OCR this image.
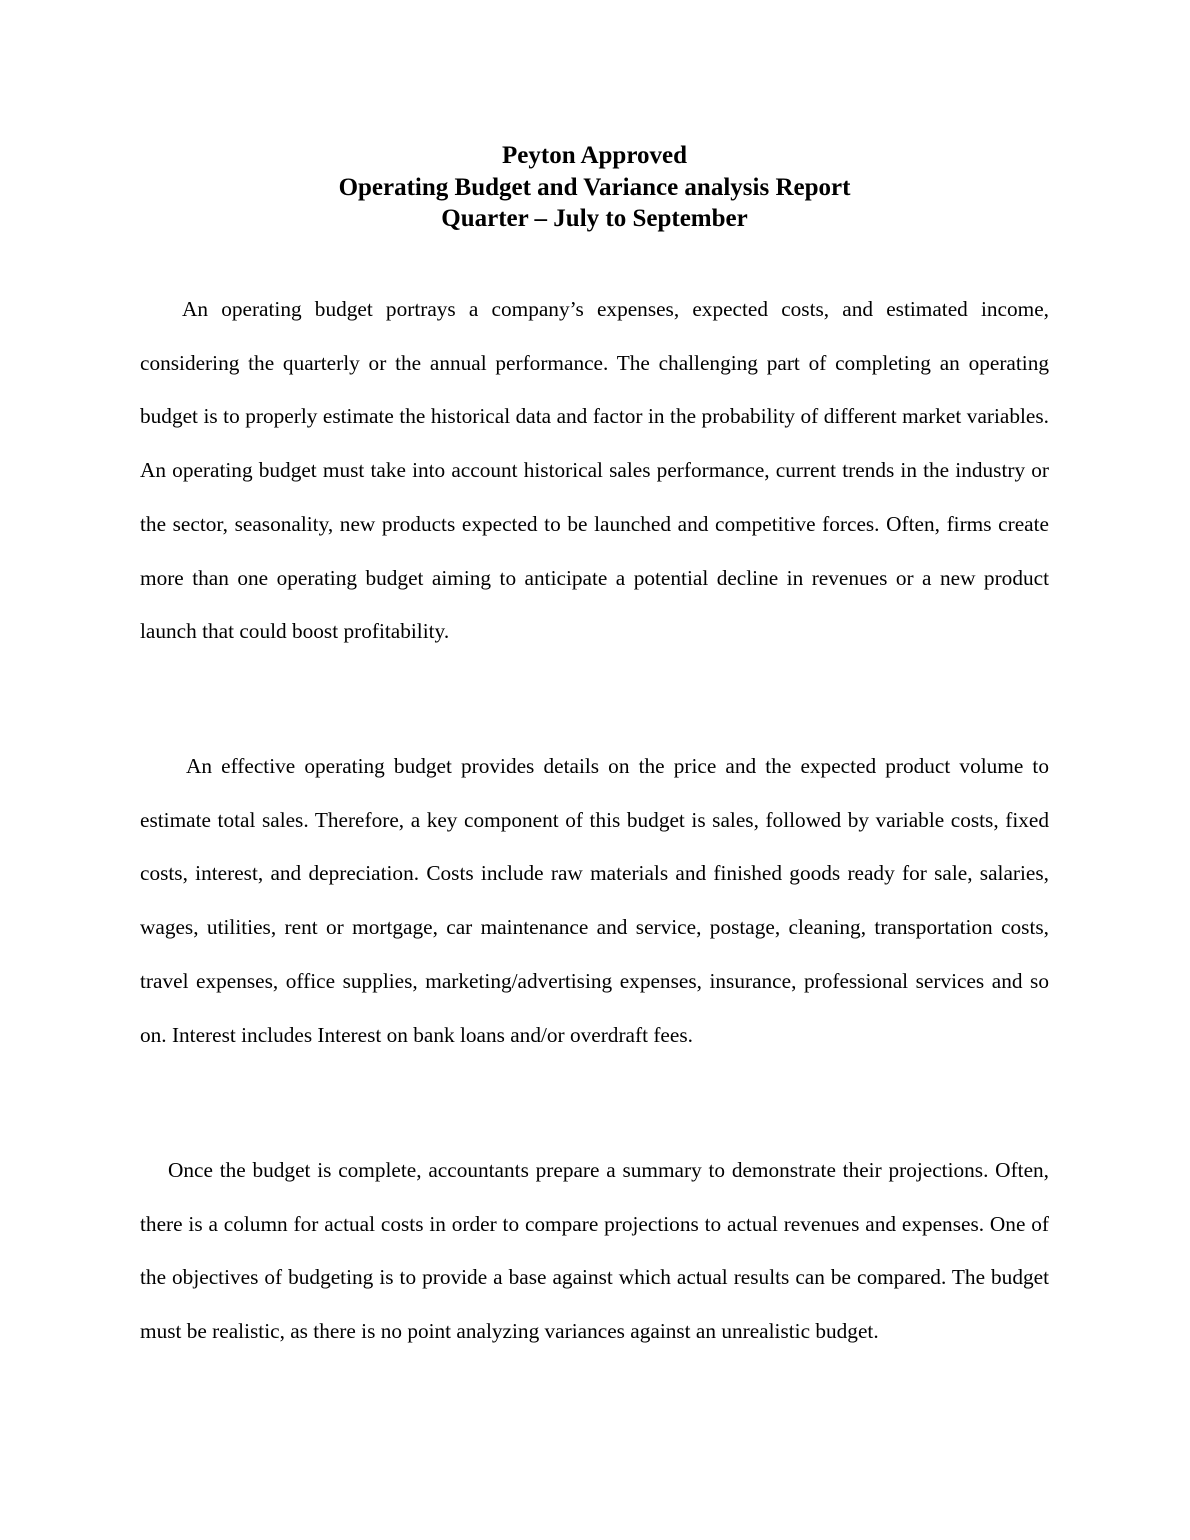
Peyton Approved
Operating Budget and Variance analysis Report
Quarter – July to September

An operating budget portrays a company’s expenses, expected costs, and estimated income, considering the quarterly or the annual performance. The challenging part of completing an operating budget is to properly estimate the historical data and factor in the probability of different market variables. An operating budget must take into account historical sales performance, current trends in the industry or the sector, seasonality, new products expected to be launched and competitive forces. Often, firms create more than one operating budget aiming to anticipate a potential decline in revenues or a new product launch that could boost profitability.

An effective operating budget provides details on the price and the expected product volume to estimate total sales. Therefore, a key component of this budget is sales, followed by variable costs, fixed costs, interest, and depreciation. Costs include raw materials and finished goods ready for sale, salaries, wages, utilities, rent or mortgage, car maintenance and service, postage, cleaning, transportation costs, travel expenses, office supplies, marketing/advertising expenses, insurance, professional services and so on. Interest includes Interest on bank loans and/or overdraft fees.

Once the budget is complete, accountants prepare a summary to demonstrate their projections. Often, there is a column for actual costs in order to compare projections to actual revenues and expenses. One of the objectives of budgeting is to provide a base against which actual results can be compared. The budget must be realistic, as there is no point analyzing variances against an unrealistic budget.
